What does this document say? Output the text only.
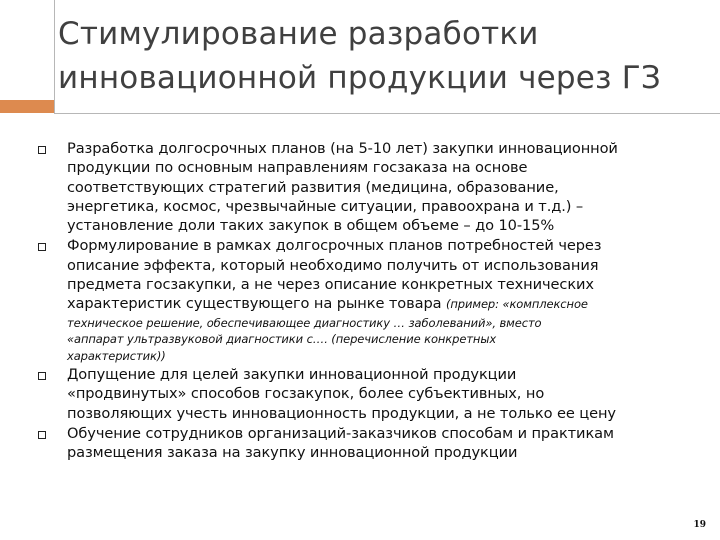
Стимулирование разработки
инновационной продукции через ГЗ
Разработка долгосрочных планов (на 5-10 лет) закупки инновационной
продукции по основным направлениям госзаказа на основе
соответствующих стратегий развития (медицина, образование,
энергетика, космос, чрезвычайные ситуации, правоохрана и т.д.) –
установление доли таких закупок в общем объеме – до 10-15%
Формулирование в рамках долгосрочных планов потребностей через
описание эффекта, который необходимо получить от использования
предмета госзакупки, а не через описание конкретных технических
характеристик существующего на рынке товара (пример: «комплексное
техническое решение, обеспечивающее диагностику … заболеваний», вместо
«аппарат ультразвуковой диагностики с…. (перечисление конкретных
характеристик))
Допущение для целей закупки инновационной продукции
«продвинутых» способов госзакупок, более субъективных, но
позволяющих учесть инновационность продукции, а не только ее цену
Обучение сотрудников организаций-заказчиков способам и практикам
размещения заказа на закупку инновационной продукции
19
